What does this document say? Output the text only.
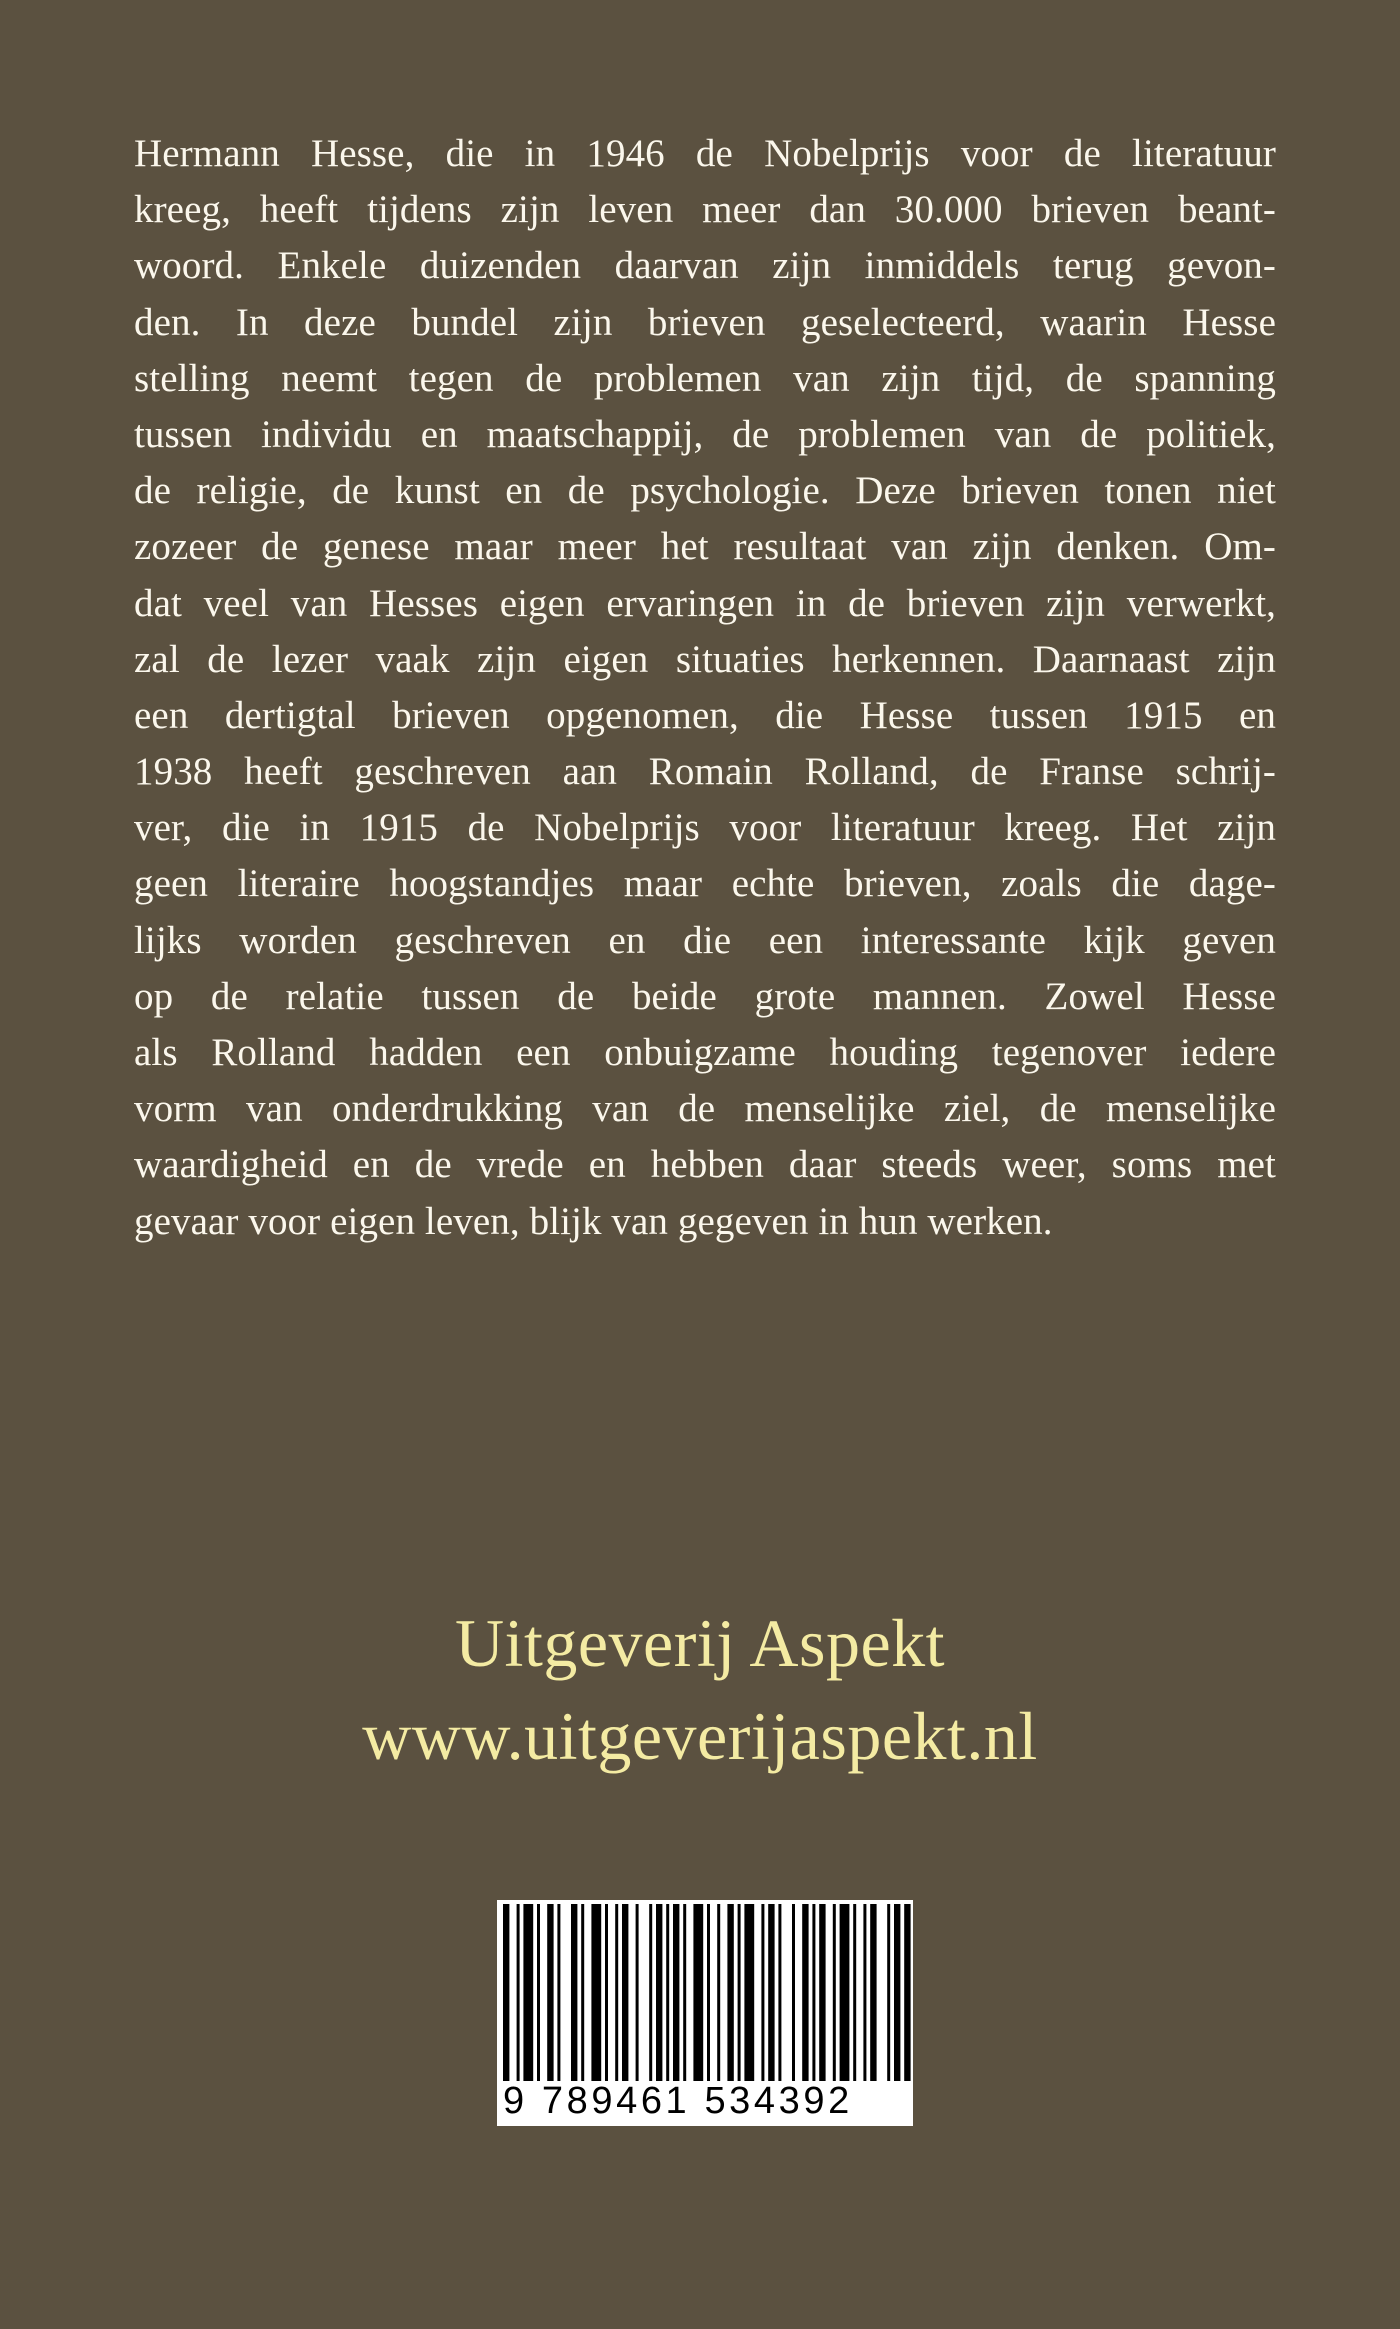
Hermann Hesse, die in 1946 de Nobelprijs voor de literatuur
kreeg, heeft tijdens zijn leven meer dan 30.000 brieven beant-
woord. Enkele duizenden daarvan zijn inmiddels terug gevon-
den. In deze bundel zijn brieven geselecteerd, waarin Hesse
stelling neemt tegen de problemen van zijn tijd, de spanning
tussen individu en maatschappij, de problemen van de politiek,
de religie, de kunst en de psychologie. Deze brieven tonen niet
zozeer de genese maar meer het resultaat van zijn denken. Om-
dat veel van Hesses eigen ervaringen in de brieven zijn verwerkt,
zal de lezer vaak zijn eigen situaties herkennen. Daarnaast zijn
een dertigtal brieven opgenomen, die Hesse tussen 1915 en
1938 heeft geschreven aan Romain Rolland, de Franse schrij-
ver, die in 1915 de Nobelprijs voor literatuur kreeg. Het zijn
geen literaire hoogstandjes maar echte brieven, zoals die dage-
lijks worden geschreven en die een interessante kijk geven
op de relatie tussen de beide grote mannen. Zowel Hesse
als Rolland hadden een onbuigzame houding tegenover iedere
vorm van onderdrukking van de menselijke ziel, de menselijke
waardigheid en de vrede en hebben daar steeds weer, soms met
gevaar voor eigen leven, blijk van gegeven in hun werken.
Uitgeverij Aspekt
www.uitgeverijaspekt.nl
9 789461 534392
